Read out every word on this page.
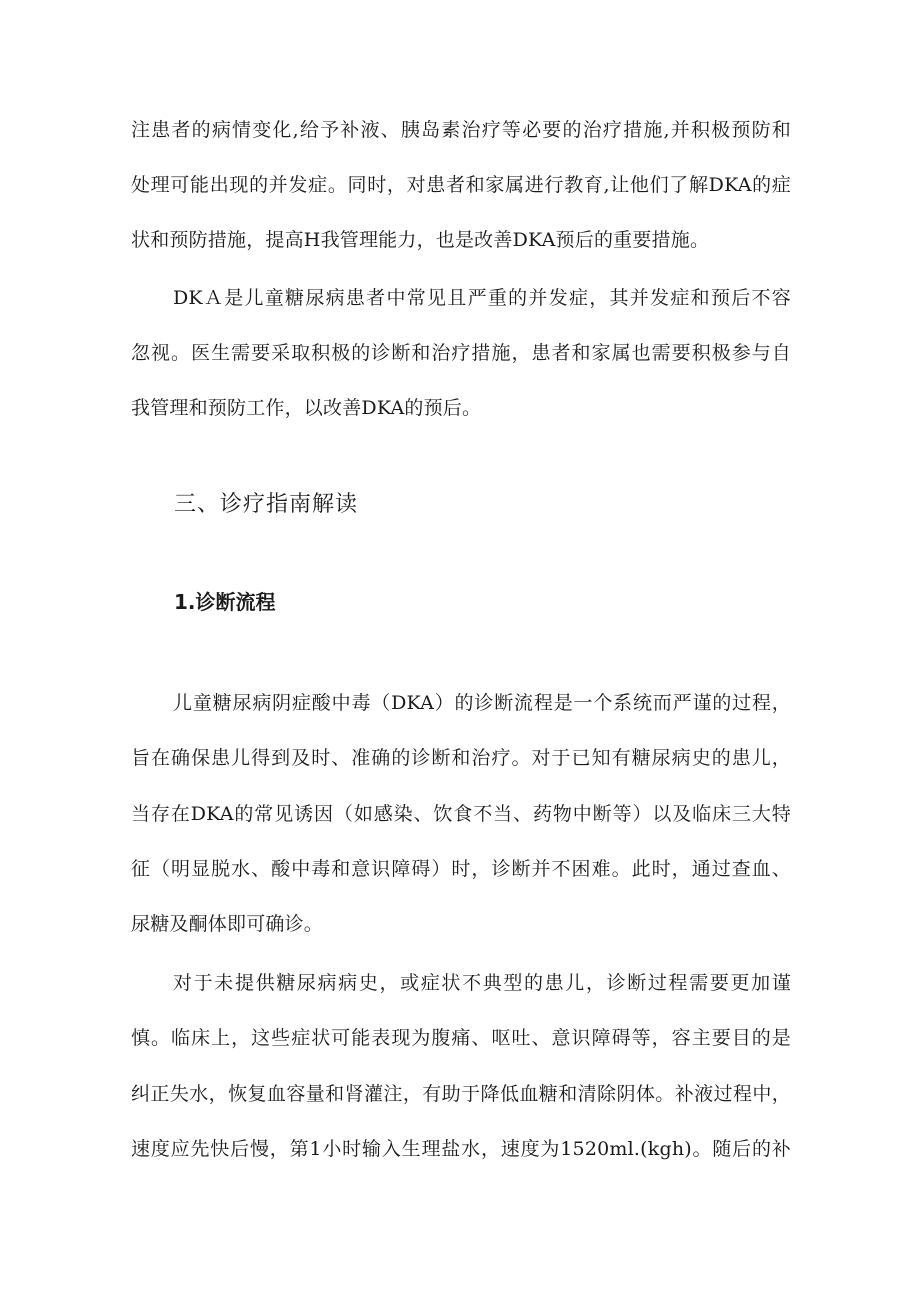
注患者的病情变化,给予补液、胰岛素治疗等必要的治疗措施,并积极预防和
处理可能出现的并发症。同时，对患者和家属进行教育,让他们了解DKA的症
状和预防措施，提高H我管理能力，也是改善DKA预后的重要措施。
DKＡ是儿童糖尿病患者中常见且严重的并发症，其并发症和预后不容
忽视。医生需要采取积极的诊断和治疗措施，患者和家属也需要积极参与自
我管理和预防工作，以改善DKA的预后。
三、诊疗指南解读
1.诊断流程
儿童糖尿病阴症酸中毒（DKA）的诊断流程是一个系统而严谨的过程，
旨在确保患儿得到及时、准确的诊断和治疗。对于已知有糖尿病史的患儿，
当存在DKA的常见诱因（如感染、饮食不当、药物中断等）以及临床三大特
征（明显脱水、酸中毒和意识障碍）时，诊断并不困难。此时，通过查血、
尿糖及酮体即可确诊。
对于未提供糖尿病病史，或症状不典型的患儿，诊断过程需要更加谨
慎。临床上，这些症状可能表现为腹痛、呕吐、意识障碍等，容主要目的是
纠正失水，恢复血容量和肾灌注，有助于降低血糖和清除阴体。补液过程中，
速度应先快后慢，第1小时输入生理盐水，速度为1520ml.(kgh)。随后的补
